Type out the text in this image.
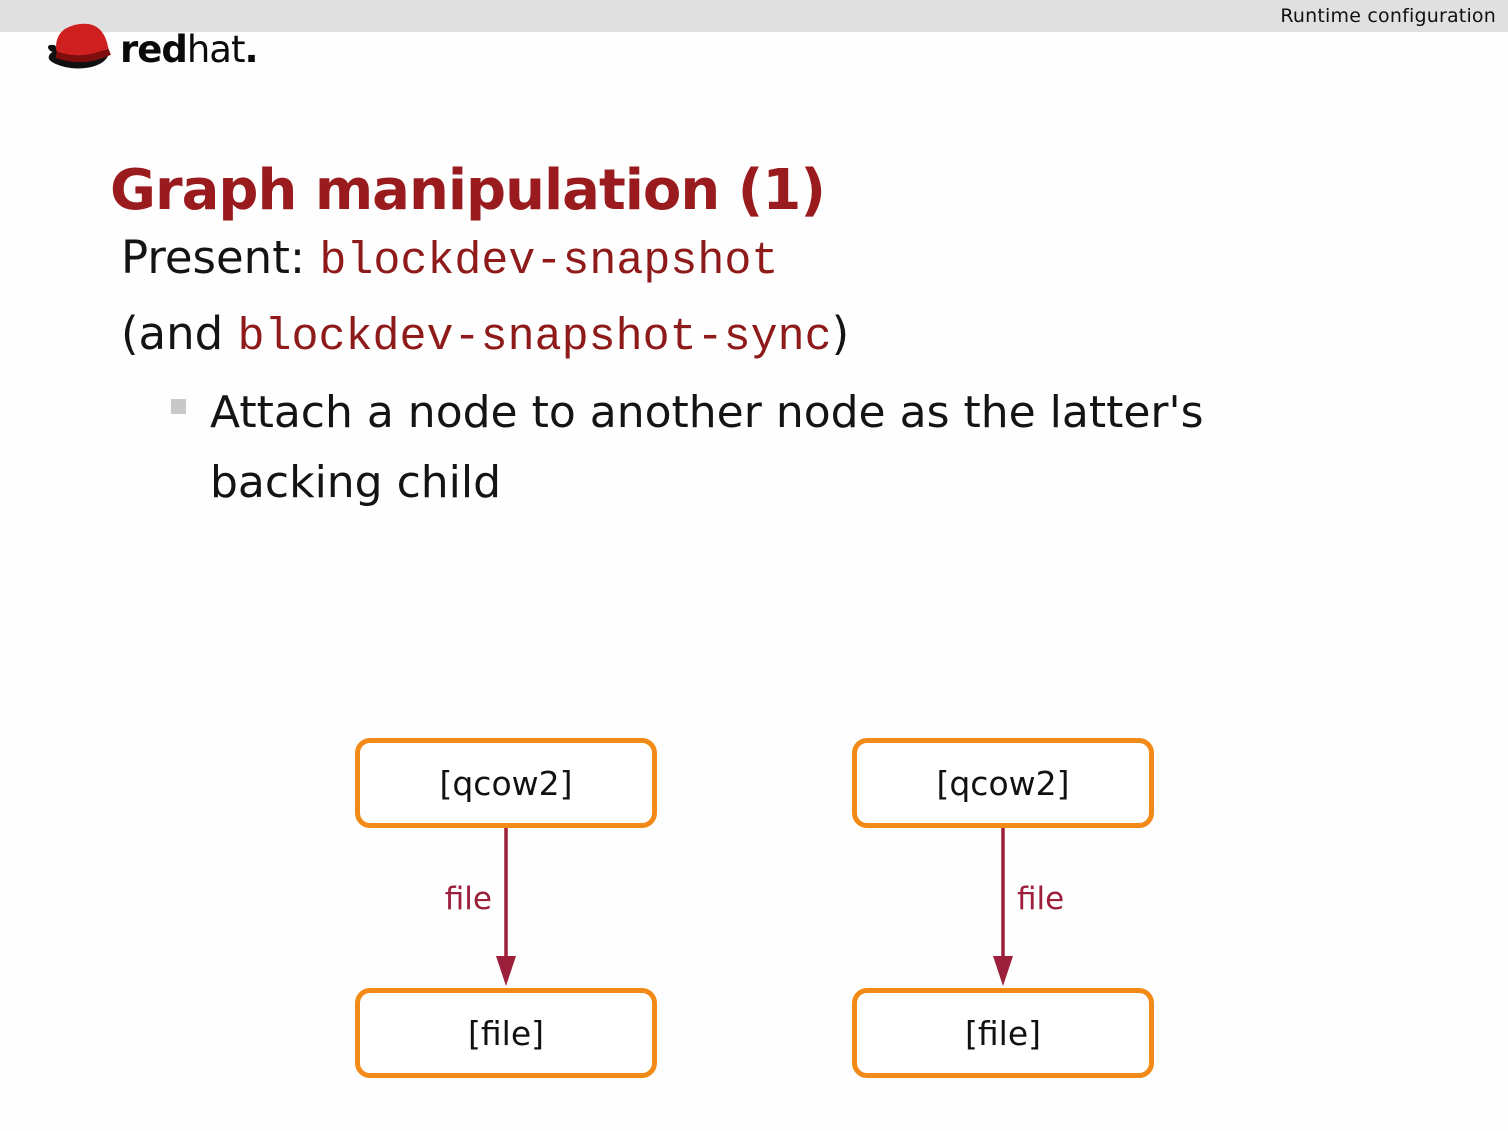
Runtime configuration
redhat.
Graph manipulation (1)
Present: blockdev-snapshot
(and blockdev-snapshot-sync)
Attach a node to another node as the latter's
backing child
[qcow2]
file
[file]
[qcow2]
file
[file]
